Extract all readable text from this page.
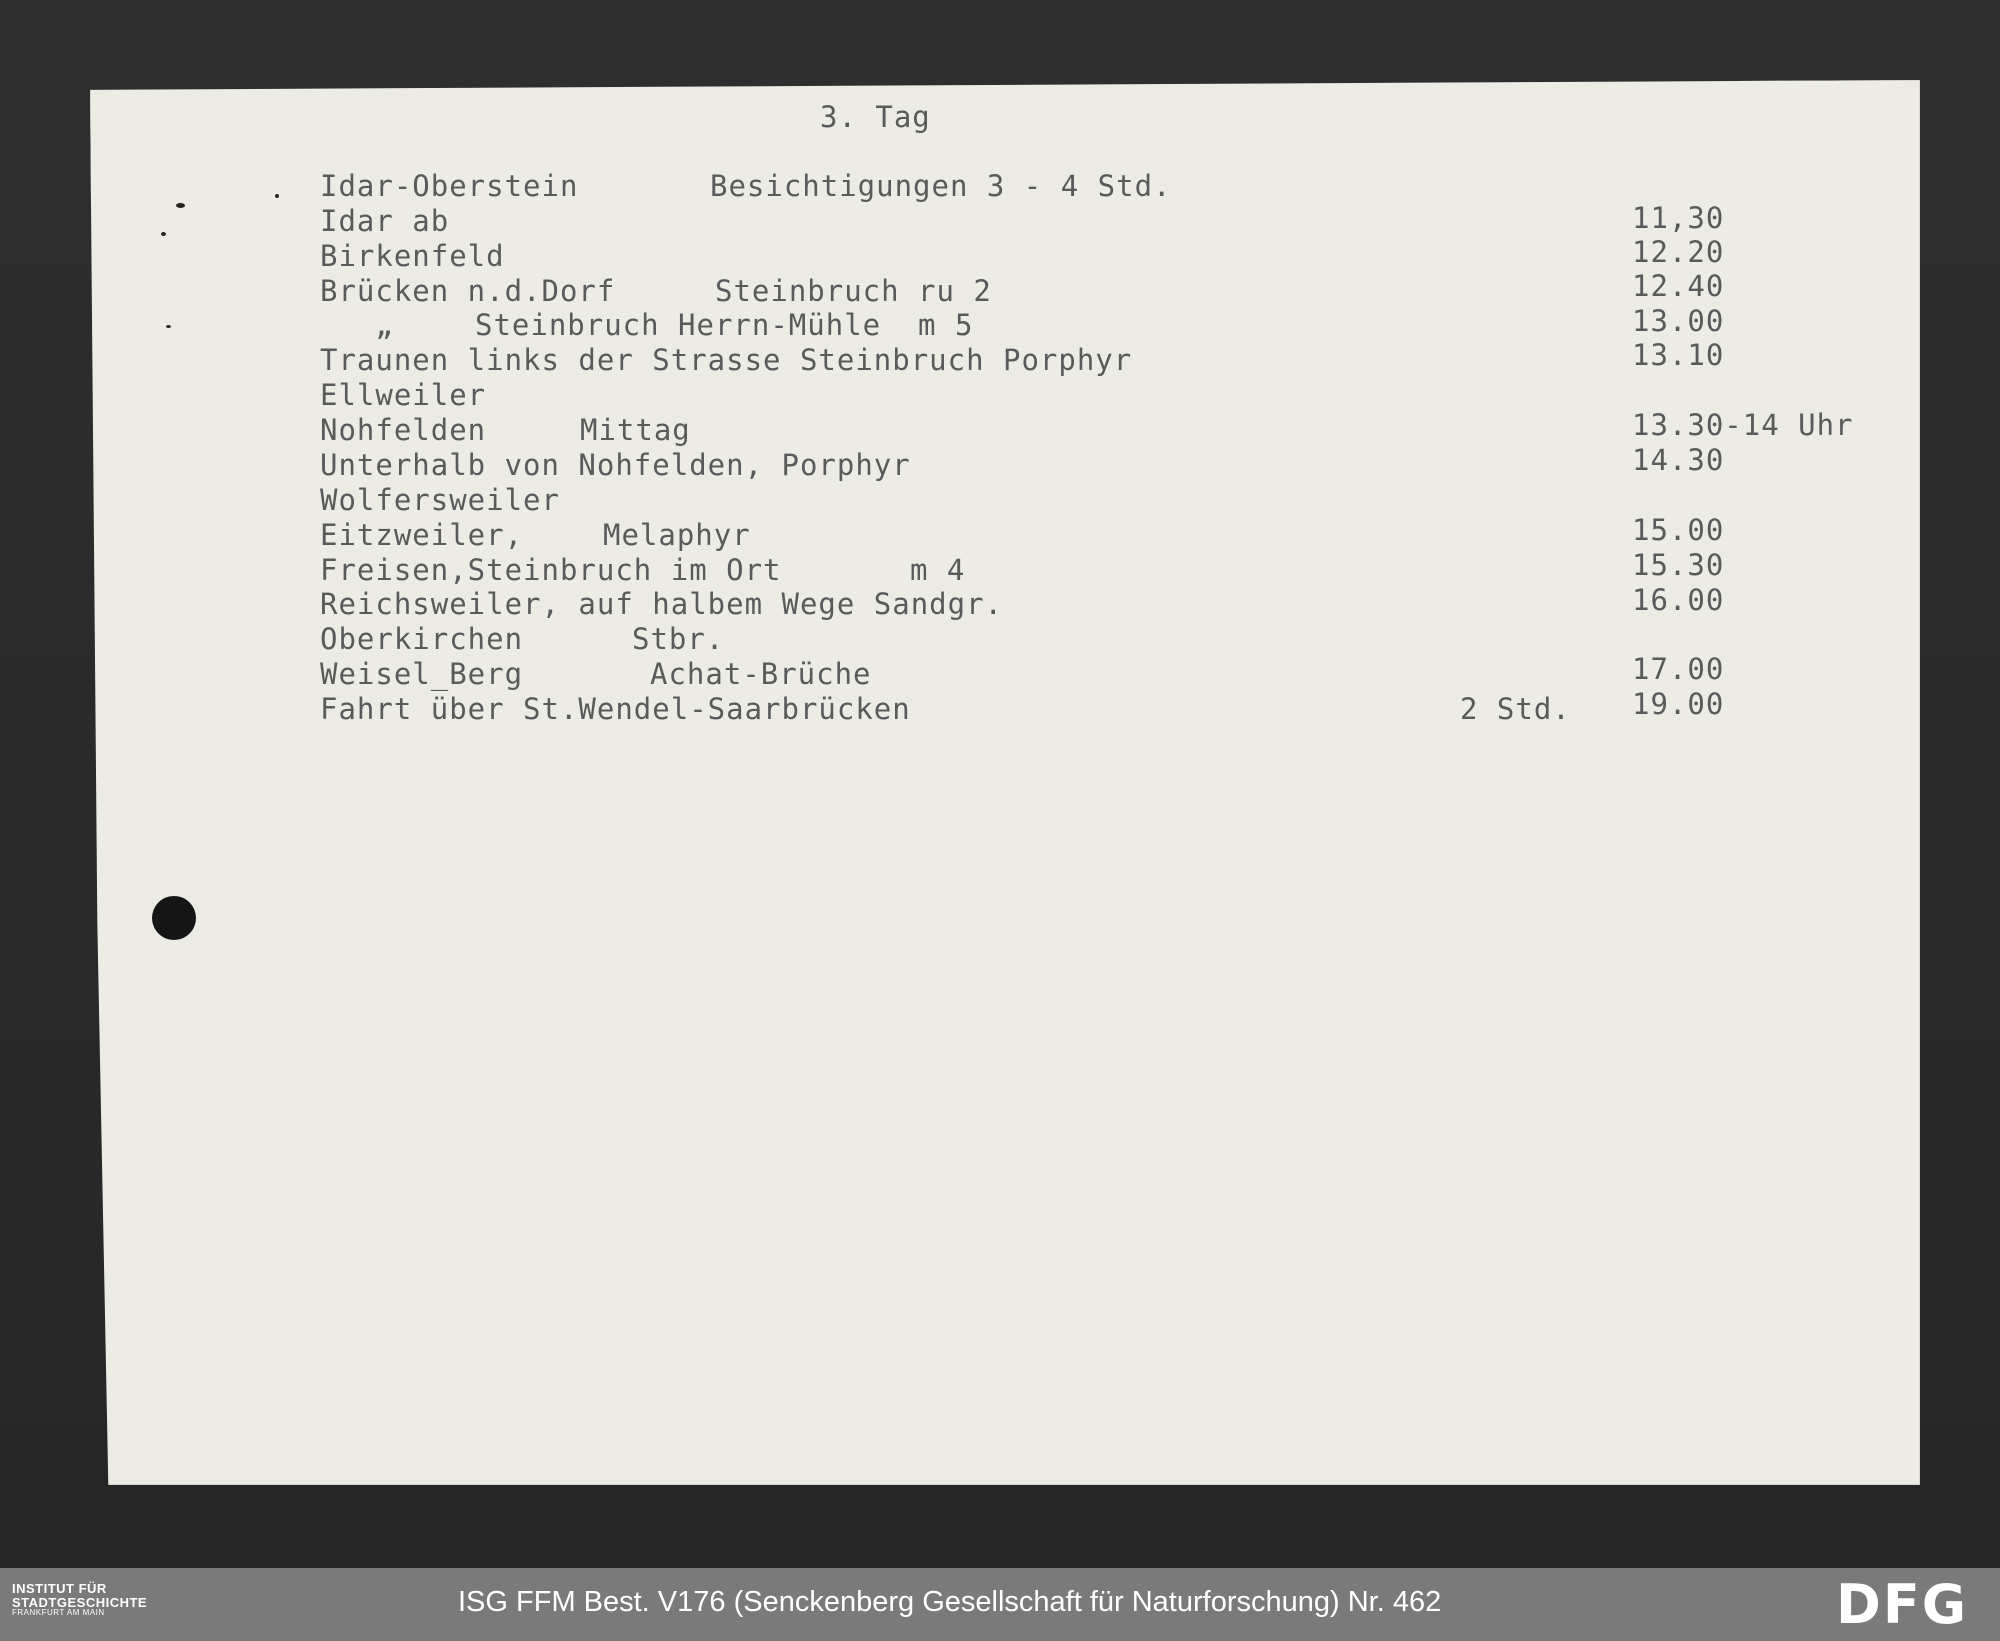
3. Tag
Idar-Oberstein	Besichtigungen 3 - 4 Std.
Idar ab	11,30
Birkenfeld	12.20
Brücken n.d.Dorf	Steinbruch ru 2	12.40
„	Steinbruch Herrn-Mühle  m 5	13.00
Traunen links der Strasse Steinbruch Porphyr	13.10
Ellweiler
Nohfelden	Mittag	13.30-14 Uhr
Unterhalb von Nohfelden, Porphyr	14.30
Wolfersweiler
Eitzweiler,	Melaphyr	15.00
Freisen,Steinbruch im Ort	m 4	15.30
Reichsweiler, auf halbem Wege Sandgr.	16.00
Oberkirchen	Stbr.
Weisel_Berg	Achat-Brüche	17.00
Fahrt über St.Wendel-Saarbrücken	2 Std. 19.00
INSTITUT FÜR
STADTGESCHICHTE
FRANKFURT AM MAIN	ISG FFM Best. V176 (Senckenberg Gesellschaft für Naturforschung) Nr. 462	DFG
